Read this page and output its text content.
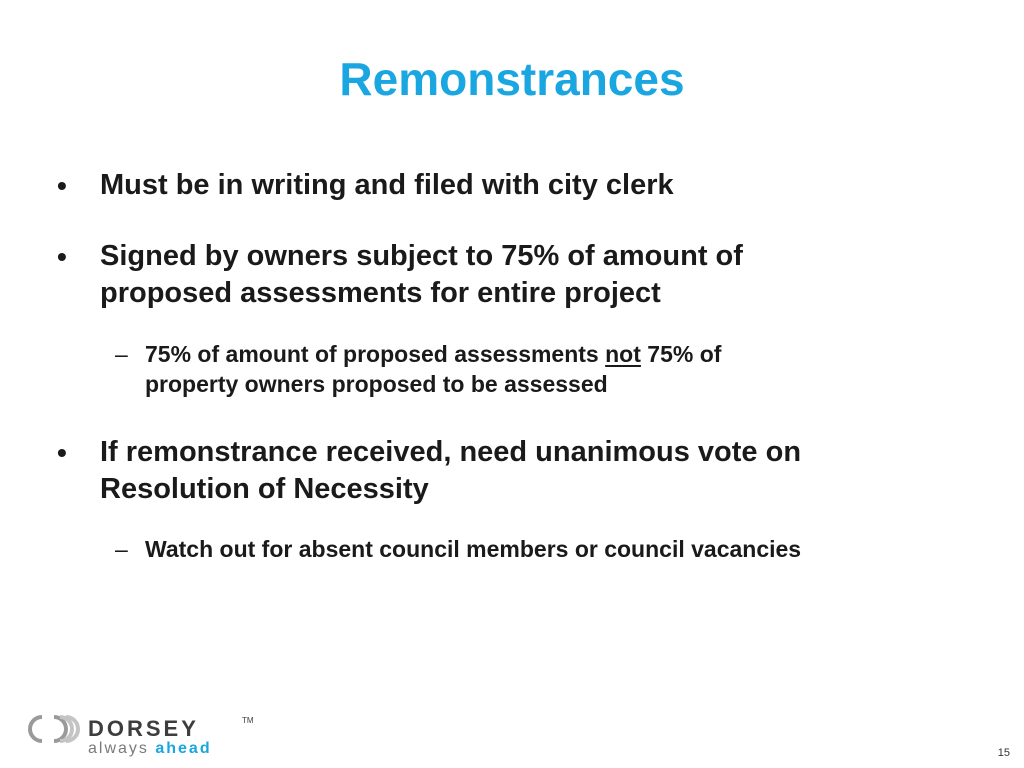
Remonstrances
• Must be in writing and filed with city clerk
• Signed by owners subject to 75% of amount of
proposed assessments for entire project
– 75% of amount of proposed assessments not 75% of
property owners proposed to be assessed
• If remonstrance received, need unanimous vote on
Resolution of Necessity
– Watch out for absent council members or council vacancies
DORSEY	TM
always ahead	15
